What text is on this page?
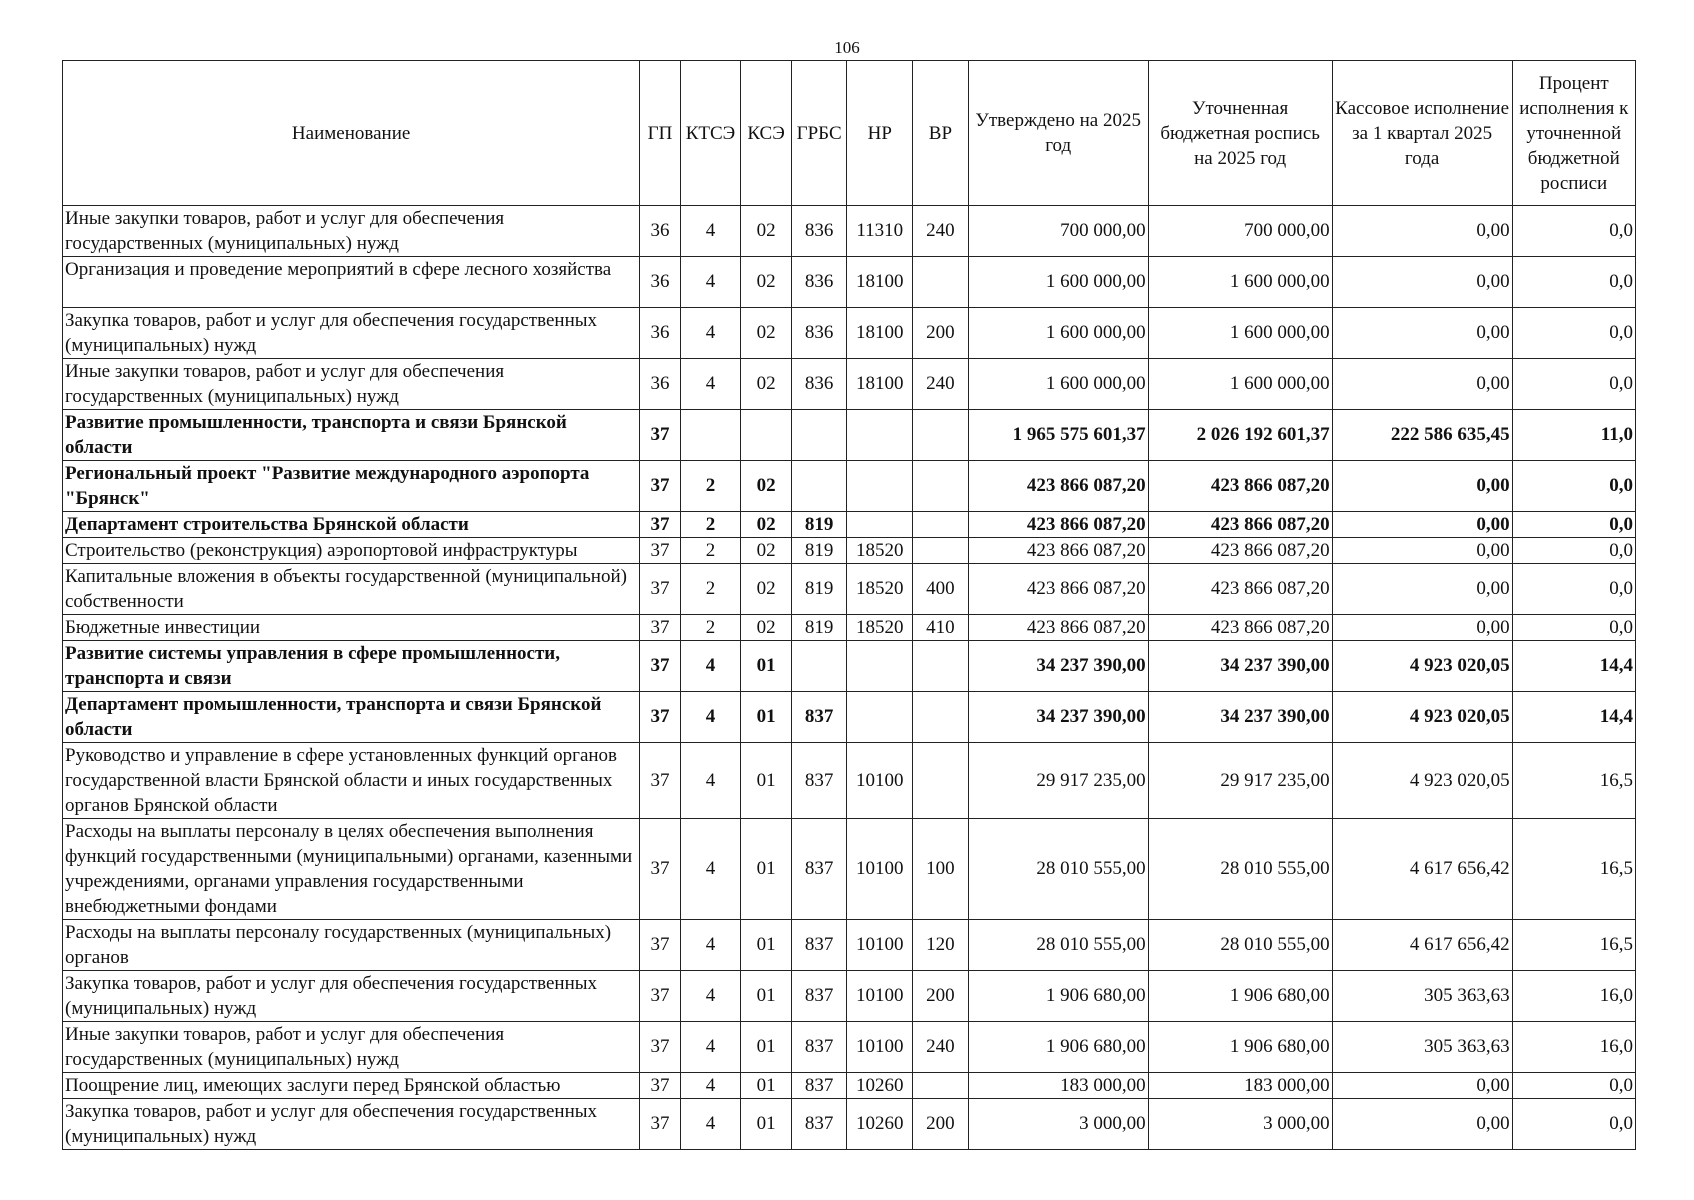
106
Наименование	ГП	КТСЭ	КСЭ	ГРБС	НР	ВР	Утверждено на 2025 год	Уточненная бюджетная роспись на 2025 год	Кассовое исполнение за 1 квартал 2025 года	Процент исполнения к уточненной бюджетной росписи
Иные закупки товаров, работ и услуг для обеспечения государственных (муниципальных) нужд	36	4	02	836	11310	240	700 000,00	700 000,00	0,00	0,0
Организация и проведение мероприятий в сфере лесного хозяйства	36	4	02	836	18100		1 600 000,00	1 600 000,00	0,00	0,0
Закупка товаров, работ и услуг для обеспечения государственных (муниципальных) нужд	36	4	02	836	18100	200	1 600 000,00	1 600 000,00	0,00	0,0
Иные закупки товаров, работ и услуг для обеспечения государственных (муниципальных) нужд	36	4	02	836	18100	240	1 600 000,00	1 600 000,00	0,00	0,0
Развитие промышленности, транспорта и связи Брянской области	37						1 965 575 601,37	2 026 192 601,37	222 586 635,45	11,0
Региональный проект "Развитие международного аэропорта "Брянск"	37	2	02				423 866 087,20	423 866 087,20	0,00	0,0
Департамент строительства Брянской области	37	2	02	819			423 866 087,20	423 866 087,20	0,00	0,0
Строительство (реконструкция) аэропортовой инфраструктуры	37	2	02	819	18520		423 866 087,20	423 866 087,20	0,00	0,0
Капитальные вложения в объекты государственной (муниципальной) собственности	37	2	02	819	18520	400	423 866 087,20	423 866 087,20	0,00	0,0
Бюджетные инвестиции	37	2	02	819	18520	410	423 866 087,20	423 866 087,20	0,00	0,0
Развитие системы управления в сфере промышленности, транспорта и связи	37	4	01				34 237 390,00	34 237 390,00	4 923 020,05	14,4
Департамент промышленности, транспорта и связи Брянской области	37	4	01	837			34 237 390,00	34 237 390,00	4 923 020,05	14,4
Руководство и управление в сфере установленных функций органов государственной власти Брянской области и иных государственных органов Брянской области	37	4	01	837	10100		29 917 235,00	29 917 235,00	4 923 020,05	16,5
Расходы на выплаты персоналу в целях обеспечения выполнения функций государственными (муниципальными) органами, казенными учреждениями, органами управления государственными внебюджетными фондами	37	4	01	837	10100	100	28 010 555,00	28 010 555,00	4 617 656,42	16,5
Расходы на выплаты персоналу государственных (муниципальных) органов	37	4	01	837	10100	120	28 010 555,00	28 010 555,00	4 617 656,42	16,5
Закупка товаров, работ и услуг для обеспечения государственных (муниципальных) нужд	37	4	01	837	10100	200	1 906 680,00	1 906 680,00	305 363,63	16,0
Иные закупки товаров, работ и услуг для обеспечения государственных (муниципальных) нужд	37	4	01	837	10100	240	1 906 680,00	1 906 680,00	305 363,63	16,0
Поощрение лиц, имеющих заслуги перед Брянской областью	37	4	01	837	10260		183 000,00	183 000,00	0,00	0,0
Закупка товаров, работ и услуг для обеспечения государственных (муниципальных) нужд	37	4	01	837	10260	200	3 000,00	3 000,00	0,00	0,0
